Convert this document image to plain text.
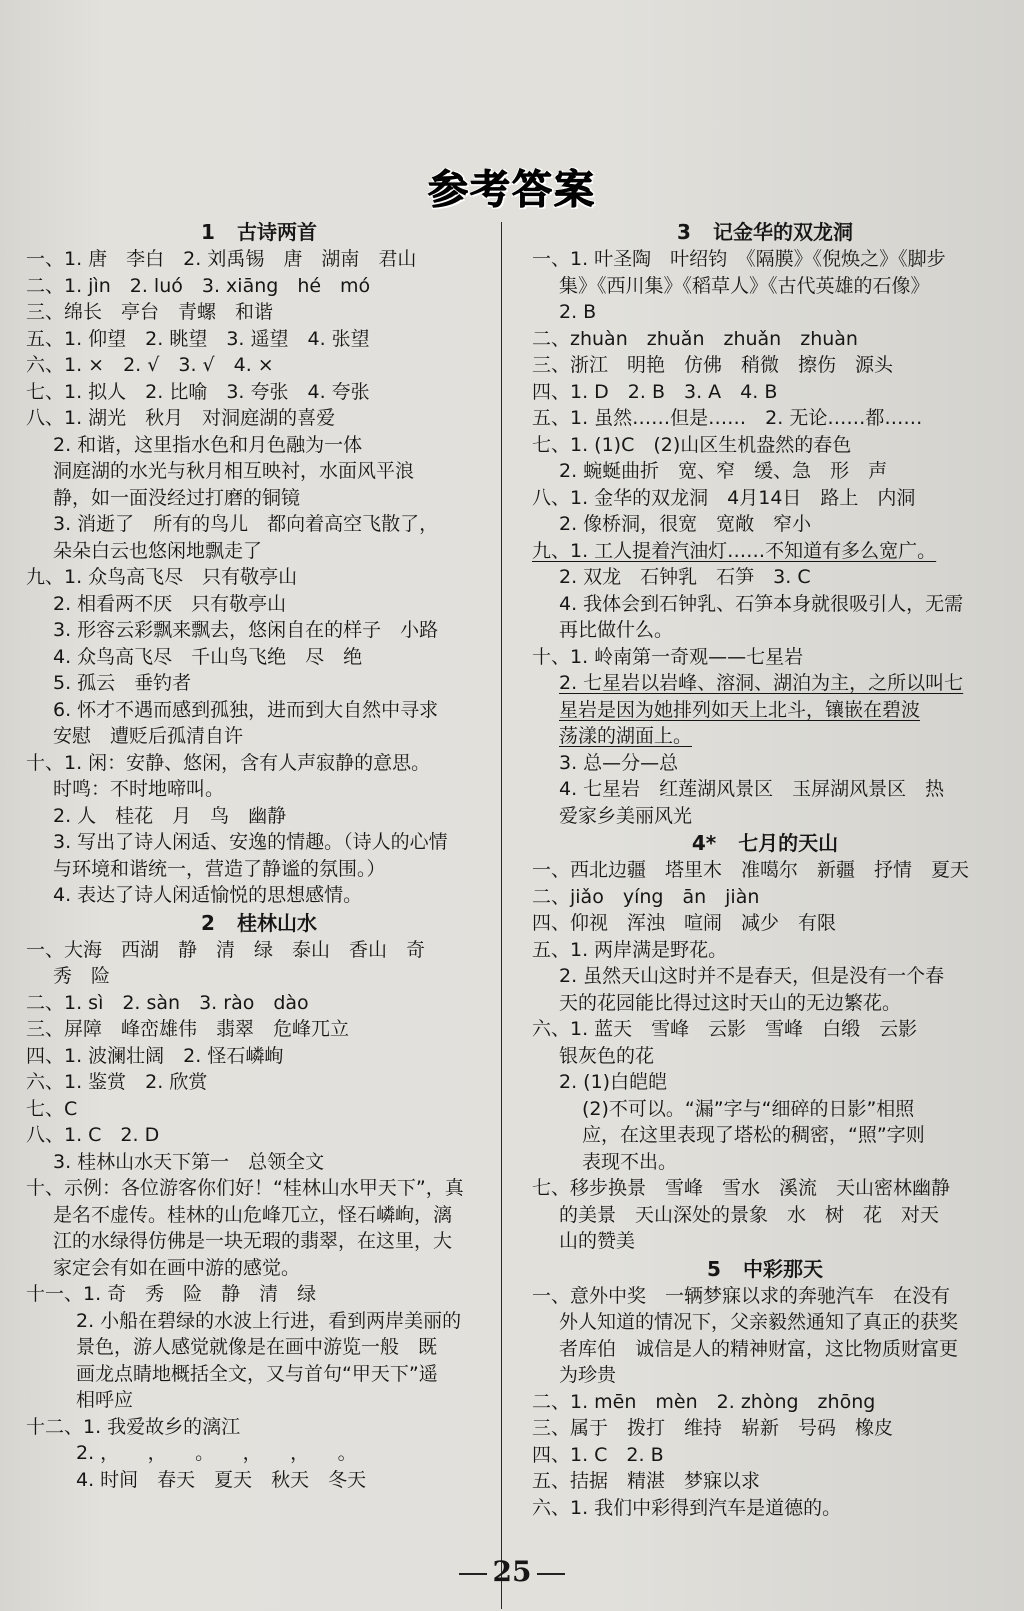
参考答案
1 古诗两首
一、1. 唐　李白　2. 刘禹锡　唐　湖南　君山
二、1. jìn　2. luó　3. xiāng　hé　mó
三、绵长　亭台　青螺　和谐
五、1. 仰望　2. 眺望　3. 遥望　4. 张望
六、1. ×　2. √　3. √　4. ×
七、1. 拟人　2. 比喻　3. 夸张　4. 夸张
八、1. 湖光　秋月　对洞庭湖的喜爱
2. 和谐，这里指水色和月色融为一体
洞庭湖的水光与秋月相互映衬，水面风平浪
静，如一面没经过打磨的铜镜
3. 消逝了　所有的鸟儿　都向着高空飞散了，
朵朵白云也悠闲地飘走了
九、1. 众鸟高飞尽　只有敬亭山
2. 相看两不厌　只有敬亭山
3. 形容云彩飘来飘去，悠闲自在的样子　小路
4. 众鸟高飞尽　千山鸟飞绝　尽　绝
5. 孤云　垂钓者
6. 怀才不遇而感到孤独，进而到大自然中寻求
安慰　遭贬后孤清自许
十、1. 闲：安静、悠闲，含有人声寂静的意思。
时鸣：不时地啼叫。
2. 人　桂花　月　鸟　幽静
3. 写出了诗人闲适、安逸的情趣。（诗人的心情
与环境和谐统一，营造了静谧的氛围。）
4. 表达了诗人闲适愉悦的思想感情。
2 桂林山水
一、大海　西湖　静　清　绿　泰山　香山　奇
秀　险
二、1. sì　2. sàn　3. rào　dào
三、屏障　峰峦雄伟　翡翠　危峰兀立
四、1. 波澜壮阔　2. 怪石嶙峋
六、1. 鉴赏　2. 欣赏
七、C
八、1. C　2. D
3. 桂林山水天下第一　总领全文
十、示例：各位游客你们好！“桂林山水甲天下”，真
是名不虚传。桂林的山危峰兀立，怪石嶙峋，漓
江的水绿得仿佛是一块无瑕的翡翠，在这里，大
家定会有如在画中游的感觉。
十一、1. 奇　秀　险　静　清　绿
2. 小船在碧绿的水波上行进，看到两岸美丽的
景色，游人感觉就像是在画中游览一般　既
画龙点睛地概括全文，又与首句“甲天下”遥
相呼应
十二、1. 我爱故乡的漓江
2. ，　　，　　。　　，　　，　　。
4. 时间　春天　夏天　秋天　冬天
3 记金华的双龙洞
一、1. 叶圣陶　叶绍钧　《隔膜》《倪焕之》《脚步
集》《西川集》《稻草人》《古代英雄的石像》
2. B
二、zhuàn　zhuǎn　zhuǎn　zhuàn
三、浙江　明艳　仿佛　稍微　擦伤　源头
四、1. D　2. B　3. A　4. B
五、1. 虽然……但是……　2. 无论……都……
七、1. (1)C　(2)山区生机盎然的春色
2. 蜿蜒曲折　宽、窄　缓、急　形　声
八、1. 金华的双龙洞　4月14日　路上　内洞
2. 像桥洞，很宽　宽敞　窄小
九、1. 工人提着汽油灯……不知道有多么宽广。
2. 双龙　石钟乳　石笋　3. C
4. 我体会到石钟乳、石笋本身就很吸引人，无需
再比做什么。
十、1. 岭南第一奇观——七星岩
2. 七星岩以岩峰、溶洞、湖泊为主，之所以叫七
星岩是因为她排列如天上北斗，镶嵌在碧波
荡漾的湖面上。
3. 总—分—总
4. 七星岩　红莲湖风景区　玉屏湖风景区　热
爱家乡美丽风光
4* 七月的天山
一、西北边疆　塔里木　准噶尔　新疆　抒情　夏天
二、jiǎo　yíng　ān　jiàn
四、仰视　浑浊　喧闹　减少　有限
五、1. 两岸满是野花。
2. 虽然天山这时并不是春天，但是没有一个春
天的花园能比得过这时天山的无边繁花。
六、1. 蓝天　雪峰　云影　雪峰　白缎　云影
银灰色的花
2. (1)白皑皑
(2)不可以。“漏”字与“细碎的日影”相照
应，在这里表现了塔松的稠密，“照”字则
表现不出。
七、移步换景　雪峰　雪水　溪流　天山密林幽静
的美景　天山深处的景象　水　树　花　对天
山的赞美
5 中彩那天
一、意外中奖　一辆梦寐以求的奔驰汽车　在没有
外人知道的情况下，父亲毅然通知了真正的获奖
者库伯　诚信是人的精神财富，这比物质财富更
为珍贵
二、1. mēn　mèn　2. zhòng　zhōng
三、属于　拨打　维持　崭新　号码　橡皮
四、1. C　2. B
五、拮据　精湛　梦寐以求
六、1. 我们中彩得到汽车是道德的。
25
